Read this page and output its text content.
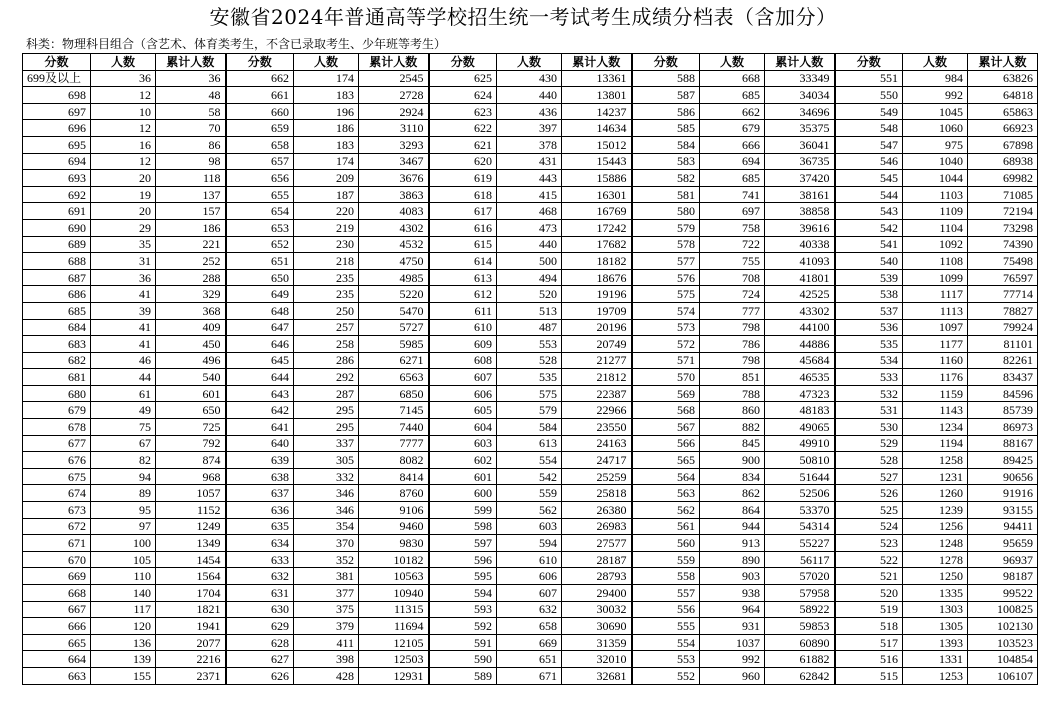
安徽省2024年普通高等学校招生统一考试考生成绩分档表（含加分）
科类：物理科目组合（含艺术、体育类考生，不含已录取考生、少年班等考生）
分数	人数	累计人数	分数	人数	累计人数	分数	人数	累计人数	分数	人数	累计人数	分数	人数	累计人数
699及以上	36	36	662	174	2545	625	430	13361	588	668	33349	551	984	63826
698	12	48	661	183	2728	624	440	13801	587	685	34034	550	992	64818
697	10	58	660	196	2924	623	436	14237	586	662	34696	549	1045	65863
696	12	70	659	186	3110	622	397	14634	585	679	35375	548	1060	66923
695	16	86	658	183	3293	621	378	15012	584	666	36041	547	975	67898
694	12	98	657	174	3467	620	431	15443	583	694	36735	546	1040	68938
693	20	118	656	209	3676	619	443	15886	582	685	37420	545	1044	69982
692	19	137	655	187	3863	618	415	16301	581	741	38161	544	1103	71085
691	20	157	654	220	4083	617	468	16769	580	697	38858	543	1109	72194
690	29	186	653	219	4302	616	473	17242	579	758	39616	542	1104	73298
689	35	221	652	230	4532	615	440	17682	578	722	40338	541	1092	74390
688	31	252	651	218	4750	614	500	18182	577	755	41093	540	1108	75498
687	36	288	650	235	4985	613	494	18676	576	708	41801	539	1099	76597
686	41	329	649	235	5220	612	520	19196	575	724	42525	538	1117	77714
685	39	368	648	250	5470	611	513	19709	574	777	43302	537	1113	78827
684	41	409	647	257	5727	610	487	20196	573	798	44100	536	1097	79924
683	41	450	646	258	5985	609	553	20749	572	786	44886	535	1177	81101
682	46	496	645	286	6271	608	528	21277	571	798	45684	534	1160	82261
681	44	540	644	292	6563	607	535	21812	570	851	46535	533	1176	83437
680	61	601	643	287	6850	606	575	22387	569	788	47323	532	1159	84596
679	49	650	642	295	7145	605	579	22966	568	860	48183	531	1143	85739
678	75	725	641	295	7440	604	584	23550	567	882	49065	530	1234	86973
677	67	792	640	337	7777	603	613	24163	566	845	49910	529	1194	88167
676	82	874	639	305	8082	602	554	24717	565	900	50810	528	1258	89425
675	94	968	638	332	8414	601	542	25259	564	834	51644	527	1231	90656
674	89	1057	637	346	8760	600	559	25818	563	862	52506	526	1260	91916
673	95	1152	636	346	9106	599	562	26380	562	864	53370	525	1239	93155
672	97	1249	635	354	9460	598	603	26983	561	944	54314	524	1256	94411
671	100	1349	634	370	9830	597	594	27577	560	913	55227	523	1248	95659
670	105	1454	633	352	10182	596	610	28187	559	890	56117	522	1278	96937
669	110	1564	632	381	10563	595	606	28793	558	903	57020	521	1250	98187
668	140	1704	631	377	10940	594	607	29400	557	938	57958	520	1335	99522
667	117	1821	630	375	11315	593	632	30032	556	964	58922	519	1303	100825
666	120	1941	629	379	11694	592	658	30690	555	931	59853	518	1305	102130
665	136	2077	628	411	12105	591	669	31359	554	1037	60890	517	1393	103523
664	139	2216	627	398	12503	590	651	32010	553	992	61882	516	1331	104854
663	155	2371	626	428	12931	589	671	32681	552	960	62842	515	1253	106107
